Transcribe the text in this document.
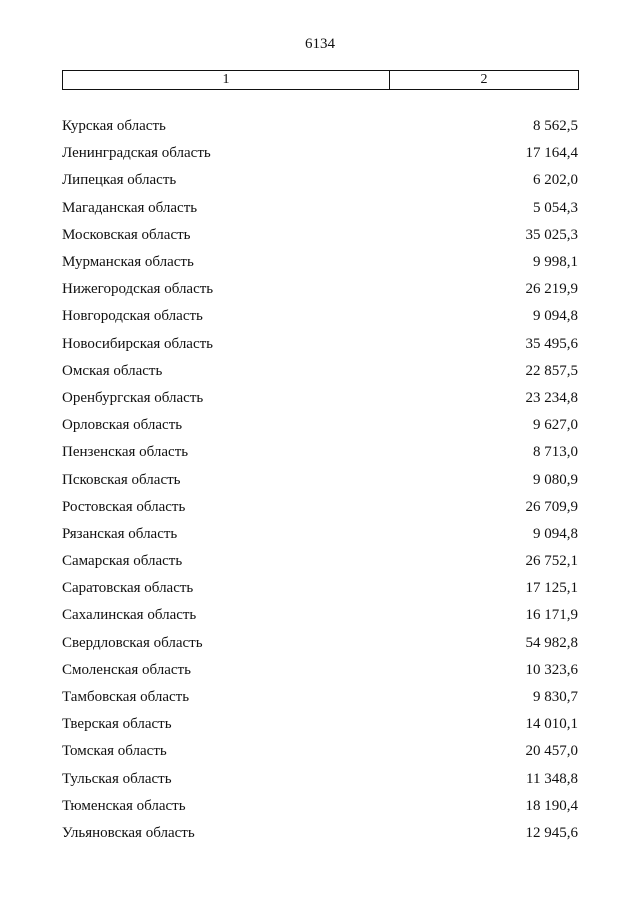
6134
1	2
Курская область	8 562,5
Ленинградская область	17 164,4
Липецкая область	6 202,0
Магаданская область	5 054,3
Московская область	35 025,3
Мурманская область	9 998,1
Нижегородская область	26 219,9
Новгородская область	9 094,8
Новосибирская область	35 495,6
Омская область	22 857,5
Оренбургская область	23 234,8
Орловская область	9 627,0
Пензенская область	8 713,0
Псковская область	9 080,9
Ростовская область	26 709,9
Рязанская область	9 094,8
Самарская область	26 752,1
Саратовская область	17 125,1
Сахалинская область	16 171,9
Свердловская область	54 982,8
Смоленская область	10 323,6
Тамбовская область	9 830,7
Тверская область	14 010,1
Томская область	20 457,0
Тульская область	11 348,8
Тюменская область	18 190,4
Ульяновская область	12 945,6
